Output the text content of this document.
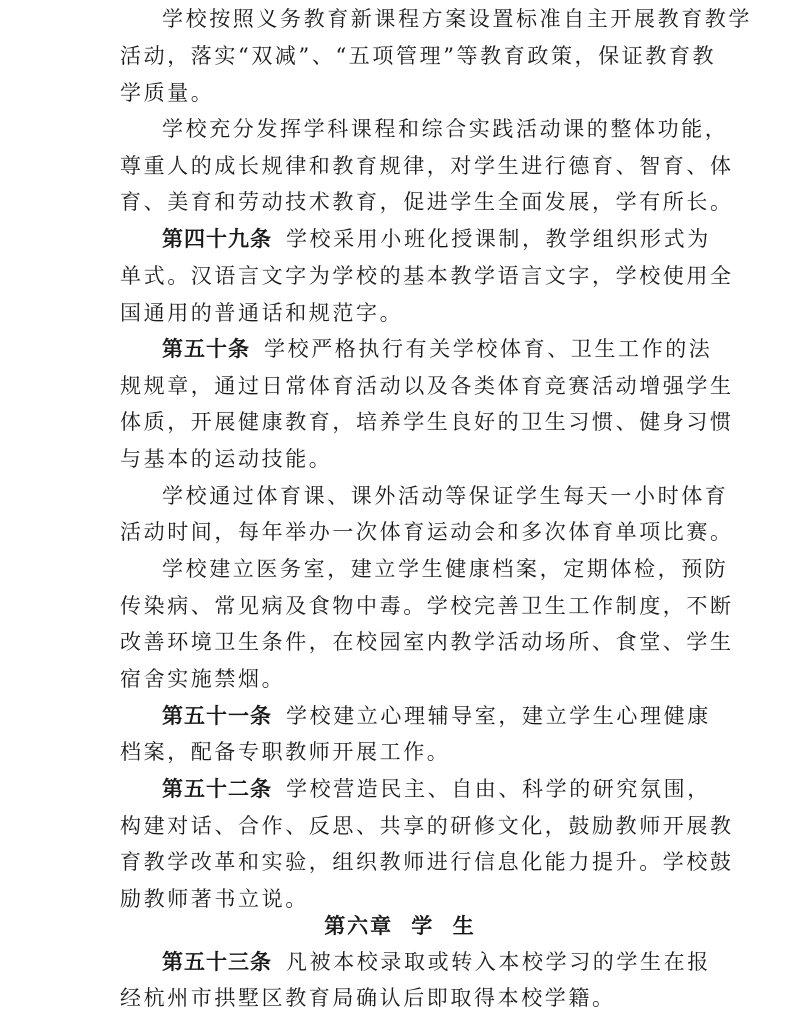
学校按照义务教育新课程方案设置标准自主开展教育教学
活动，落实“双减”、“五项管理”等教育政策，保证教育教
学质量。
学校充分发挥学科课程和综合实践活动课的整体功能，
尊重人的成长规律和教育规律，对学生进行德育、智育、体
育、美育和劳动技术教育，促进学生全面发展，学有所长。
第四十九条 学校采用小班化授课制，教学组织形式为
单式。汉语言文字为学校的基本教学语言文字，学校使用全
国通用的普通话和规范字。
第五十条 学校严格执行有关学校体育、卫生工作的法
规规章，通过日常体育活动以及各类体育竞赛活动增强学生
体质，开展健康教育，培养学生良好的卫生习惯、健身习惯
与基本的运动技能。
学校通过体育课、课外活动等保证学生每天一小时体育
活动时间，每年举办一次体育运动会和多次体育单项比赛。
学校建立医务室，建立学生健康档案，定期体检，预防
传染病、常见病及食物中毒。学校完善卫生工作制度，不断
改善环境卫生条件，在校园室内教学活动场所、食堂、学生
宿舍实施禁烟。
第五十一条 学校建立心理辅导室，建立学生心理健康
档案，配备专职教师开展工作。
第五十二条 学校营造民主、自由、科学的研究氛围，
构建对话、合作、反思、共享的研修文化，鼓励教师开展教
育教学改革和实验，组织教师进行信息化能力提升。学校鼓
励教师著书立说。
第六章 学  生
第五十三条 凡被本校录取或转入本校学习的学生在报
经杭州市拱墅区教育局确认后即取得本校学籍。
